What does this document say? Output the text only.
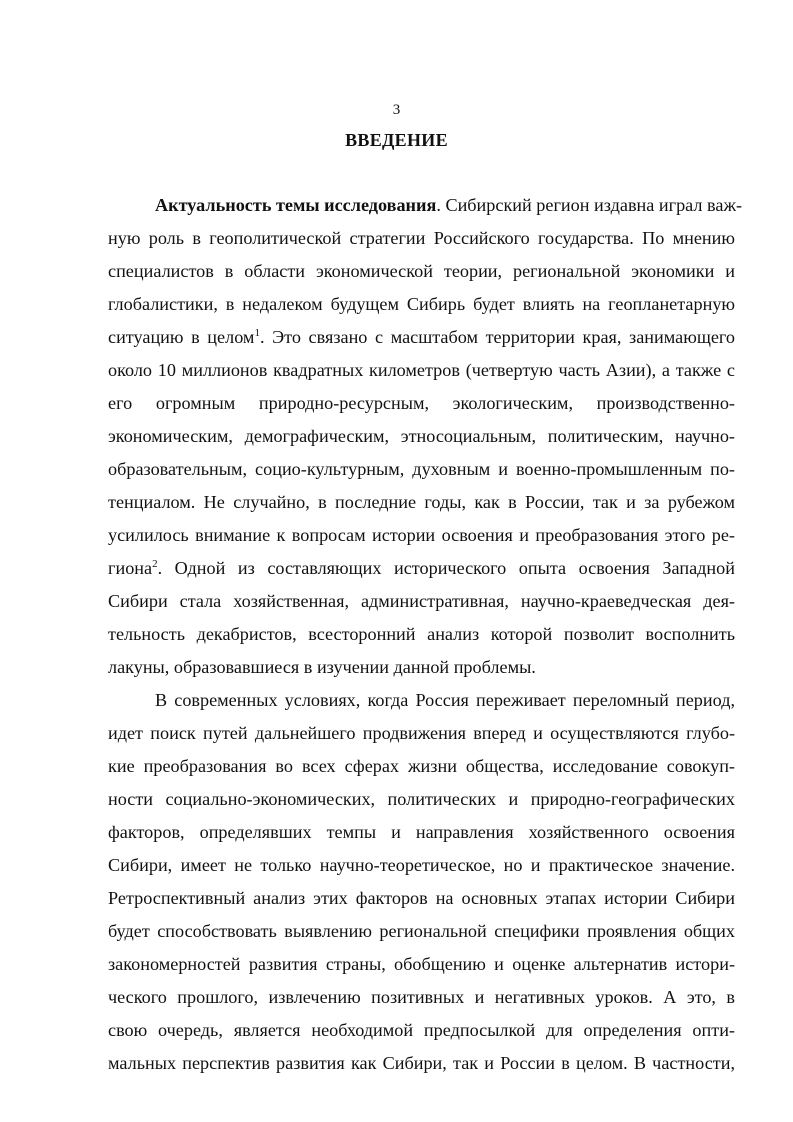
3
ВВЕДЕНИЕ
Актуальность темы исследования. Сибирский регион издавна играл важ-
ную роль в геополитической стратегии Российского государства. По мнению
специалистов в области экономической теории, региональной экономики и
глобалистики, в недалеком будущем Сибирь будет влиять на геопланетарную
ситуацию в целом$^1$. Это связано с масштабом территории края, занимающего
около 10 миллионов квадратных километров (четвертую часть Азии), а также с
его огромным природно-ресурсным, экологическим, производственно-
экономическим, демографическим, этносоциальным, политическим, научно-
образовательным, социо-культурным, духовным и военно-промышленным по-
тенциалом. Не случайно, в последние годы, как в России, так и за рубежом
усилилось внимание к вопросам истории освоения и преобразования этого ре-
гиона$^2$. Одной из составляющих исторического опыта освоения Западной
Сибири стала хозяйственная, административная, научно-краеведческая дея-
тельность декабристов, всесторонний анализ которой позволит восполнить
лакуны, образовавшиеся в изучении данной проблемы.
В современных условиях, когда Россия переживает переломный период,
идет поиск путей дальнейшего продвижения вперед и осуществляются глубо-
кие преобразования во всех сферах жизни общества, исследование совокуп-
ности социально-экономических, политических и природно-географических
факторов, определявших темпы и направления хозяйственного освоения
Сибири, имеет не только научно-теоретическое, но и практическое значение.
Ретроспективный анализ этих факторов на основных этапах истории Сибири
будет способствовать выявлению региональной специфики проявления общих
закономерностей развития страны, обобщению и оценке альтернатив истори-
ческого прошлого, извлечению позитивных и негативных уроков. А это, в
свою очередь, является необходимой предпосылкой для определения опти-
мальных перспектив развития как Сибири, так и России в целом. В частности,
